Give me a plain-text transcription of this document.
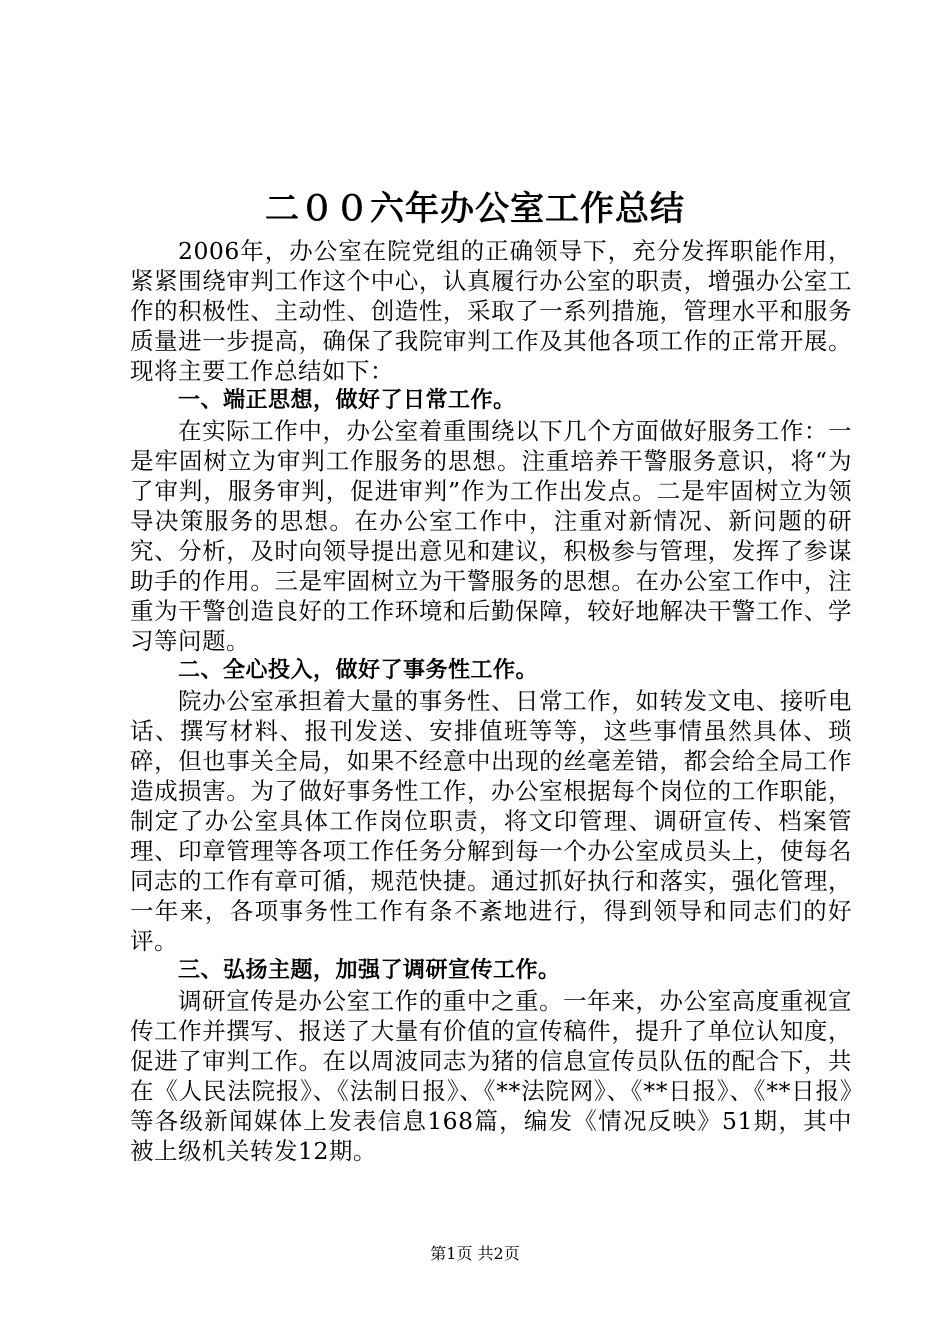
二００六年办公室工作总结

2006年，办公室在院党组的正确领导下，充分发挥职能作用，紧紧围绕审判工作这个中心，认真履行办公室的职责，增强办公室工作的积极性、主动性、创造性，采取了一系列措施，管理水平和服务质量进一步提高，确保了我院审判工作及其他各项工作的正常开展。现将主要工作总结如下：

一、端正思想，做好了日常工作。

在实际工作中，办公室着重围绕以下几个方面做好服务工作：一是牢固树立为审判工作服务的思想。注重培养干警服务意识，将“为了审判，服务审判，促进审判”作为工作出发点。二是牢固树立为领导决策服务的思想。在办公室工作中，注重对新情况、新问题的研究、分析，及时向领导提出意见和建议，积极参与管理，发挥了参谋助手的作用。三是牢固树立为干警服务的思想。在办公室工作中，注重为干警创造良好的工作环境和后勤保障，较好地解决干警工作、学习等问题。

二、全心投入，做好了事务性工作。

院办公室承担着大量的事务性、日常工作，如转发文电、接听电话、撰写材料、报刊发送、安排值班等等，这些事情虽然具体、琐碎，但也事关全局，如果不经意中出现的丝毫差错，都会给全局工作造成损害。为了做好事务性工作，办公室根据每个岗位的工作职能，制定了办公室具体工作岗位职责，将文印管理、调研宣传、档案管理、印章管理等各项工作任务分解到每一个办公室成员头上，使每名同志的工作有章可循，规范快捷。通过抓好执行和落实，强化管理，一年来，各项事务性工作有条不紊地进行，得到领导和同志们的好评。

三、弘扬主题，加强了调研宣传工作。

调研宣传是办公室工作的重中之重。一年来，办公室高度重视宣传工作并撰写、报送了大量有价值的宣传稿件，提升了单位认知度，促进了审判工作。在以周波同志为猪的信息宣传员队伍的配合下，共在《人民法院报》、《法制日报》、《**法院网》、《**日报》、《**日报》等各级新闻媒体上发表信息168篇，编发《情况反映》51期，其中被上级机关转发12期。

第1页 共2页
